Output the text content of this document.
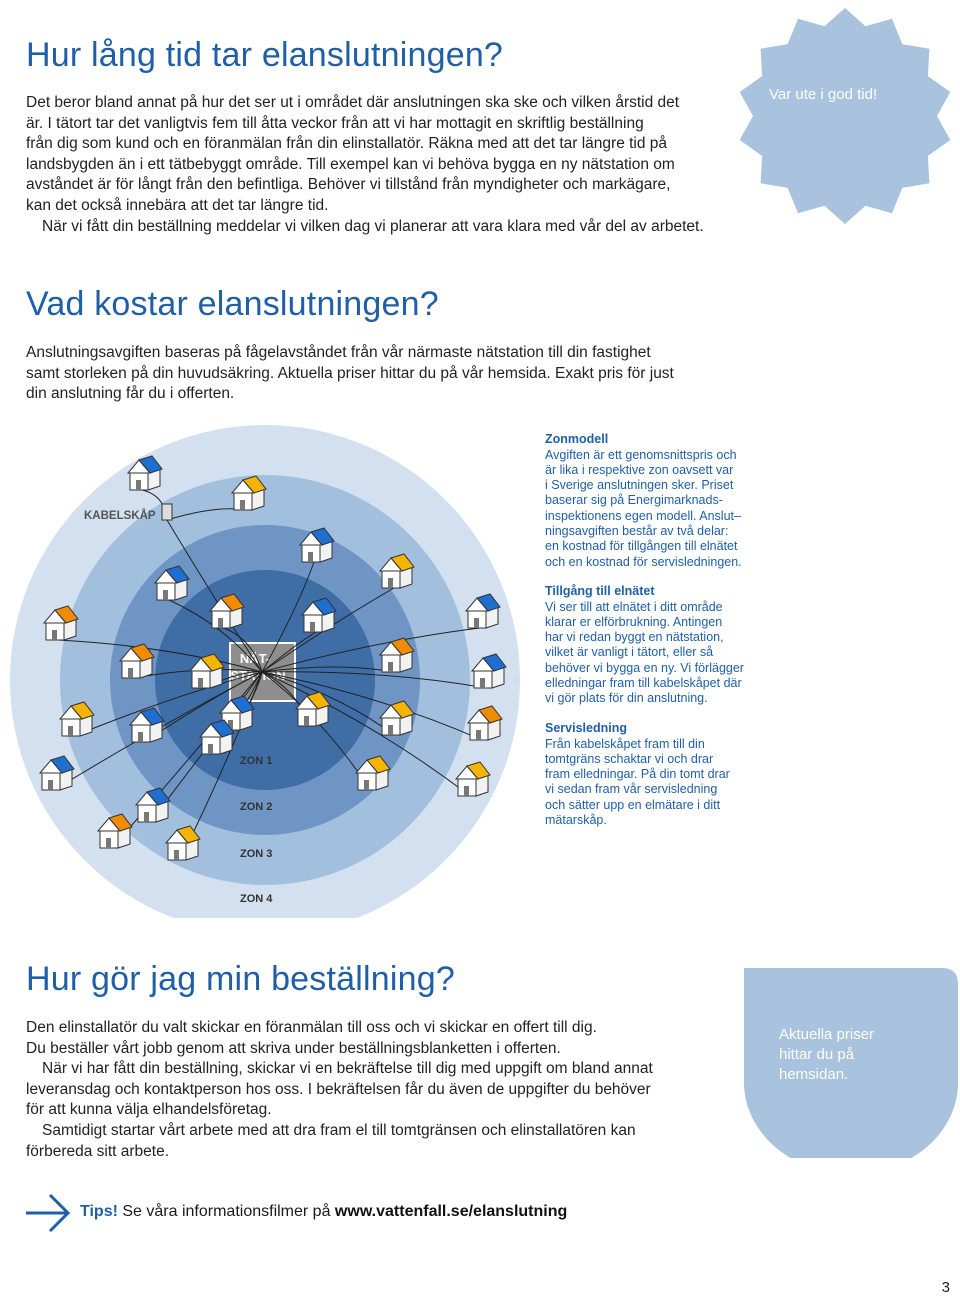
Hur lång tid tar elanslutningen?

Det beror bland annat på hur det ser ut i området där anslutningen ska ske och vilken årstid det

är. I tätort tar det vanligtvis fem till åtta veckor från att vi har mottagit en skriftlig beställning

från dig som kund och en föranmälan från din elinstallatör. Räkna med att det tar längre tid på

landsbygden än i ett tätbebyggt område. Till exempel kan vi behöva bygga en ny nätstation om

avståndet är för långt från den befintliga. Behöver vi tillstånd från myndigheter och markägare,

kan det också innebära att det tar längre tid.

När vi fått din beställning meddelar vi vilken dag vi planerar att vara klara med vår del av arbetet.

Var ute i god tid!
Vad kostar elanslutningen?

Anslutningsavgiften baseras på fågelavståndet från vår närmaste nätstation till din fastighet

samt storleken på din huvudsäkring. Aktuella priser hittar du på vår hemsida. Exakt pris för just

din anslutning får du i offerten.

NÄT-
STATION
KABELSKÅP
ZON 1
ZON 2
ZON 3
ZON 4

Zonmodell

Avgiften är ett genomsnittspris och

är lika i respektive zon oavsett var

i Sverige anslutningen sker. Priset

baserar sig på Energimarknads-

inspektionens egen modell. Anslut–

ningsavgiften består av två delar:

en kostnad för tillgången till elnätet

och en kostnad för servisledningen.

Tillgång till elnätet

Vi ser till att elnätet i ditt område

klarar er elförbrukning. Antingen

har vi redan byggt en nätstation,

vilket är vanligt i tätort, eller så

behöver vi bygga en ny. Vi förlägger

elledningar fram till kabelskåpet där

vi gör plats för din anslutning.

Servisledning

Från kabelskåpet fram till din

tomtgräns schaktar vi och drar

fram elledningar. På din tomt drar

vi sedan fram vår servisledning

och sätter upp en elmätare i ditt

mätarskåp.

Hur gör jag min beställning?

Den elinstallatör du valt skickar en föranmälan till oss och vi skickar en offert till dig.

Du beställer vårt jobb genom att skriva under beställningsblanketten i offerten.

När vi har fått din beställning, skickar vi en bekräftelse till dig med uppgift om bland annat

leveransdag och kontaktperson hos oss. I bekräftelsen får du även de uppgifter du behöver

för att kunna välja elhandelsföretag.

Samtidigt startar vårt arbete med att dra fram el till tomtgränsen och elinstallatören kan

förbereda sitt arbete.

Aktuella priser
hittar du på
hemsidan.
Tips! Se våra informationsfilmer på www.vattenfall.se/elanslutning
3
